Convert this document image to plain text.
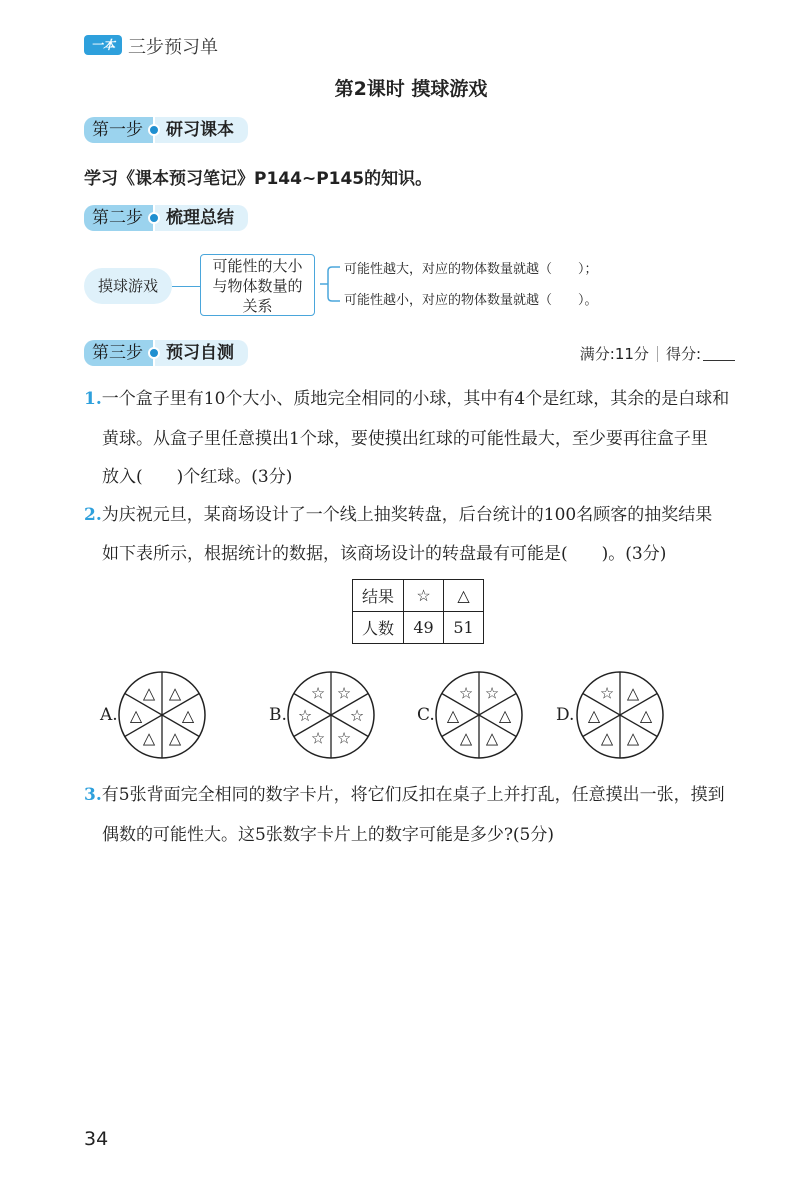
一本 三步预习单
第2课时 摸球游戏
第一步	研习课本
学习《课本预习笔记》P144~P145的知识。
第二步	梳理总结
摸球游戏
可能性的大小
与物体数量的
关系
可能性越大，对应的物体数量就越（　　）；
可能性越小，对应的物体数量就越（　　）。
第三步	预习自测	满分:11分 得分:
1.一个盒子里有10个大小、质地完全相同的小球，其中有4个是红球，其余的是白球和
黄球。从盒子里任意摸出1个球，要使摸出红球的可能性最大，至少要再往盒子里
放入(　　)个红球。(3分)
2.为庆祝元旦，某商场设计了一个线上抽奖转盘，后台统计的100名顾客的抽奖结果
如下表所示，根据统计的数据，该商场设计的转盘最有可能是(　　)。(3分)
结果	☆	△
人数	49	51
A.
△ △
△
△
△
△	B.
☆ ☆
☆
☆
☆
☆	C.
☆ ☆
△
△
△
△	D.
☆ △
△
△
△
△
3.有5张背面完全相同的数字卡片，将它们反扣在桌子上并打乱，任意摸出一张，摸到
偶数的可能性大。这5张数字卡片上的数字可能是多少?(5分)
34
